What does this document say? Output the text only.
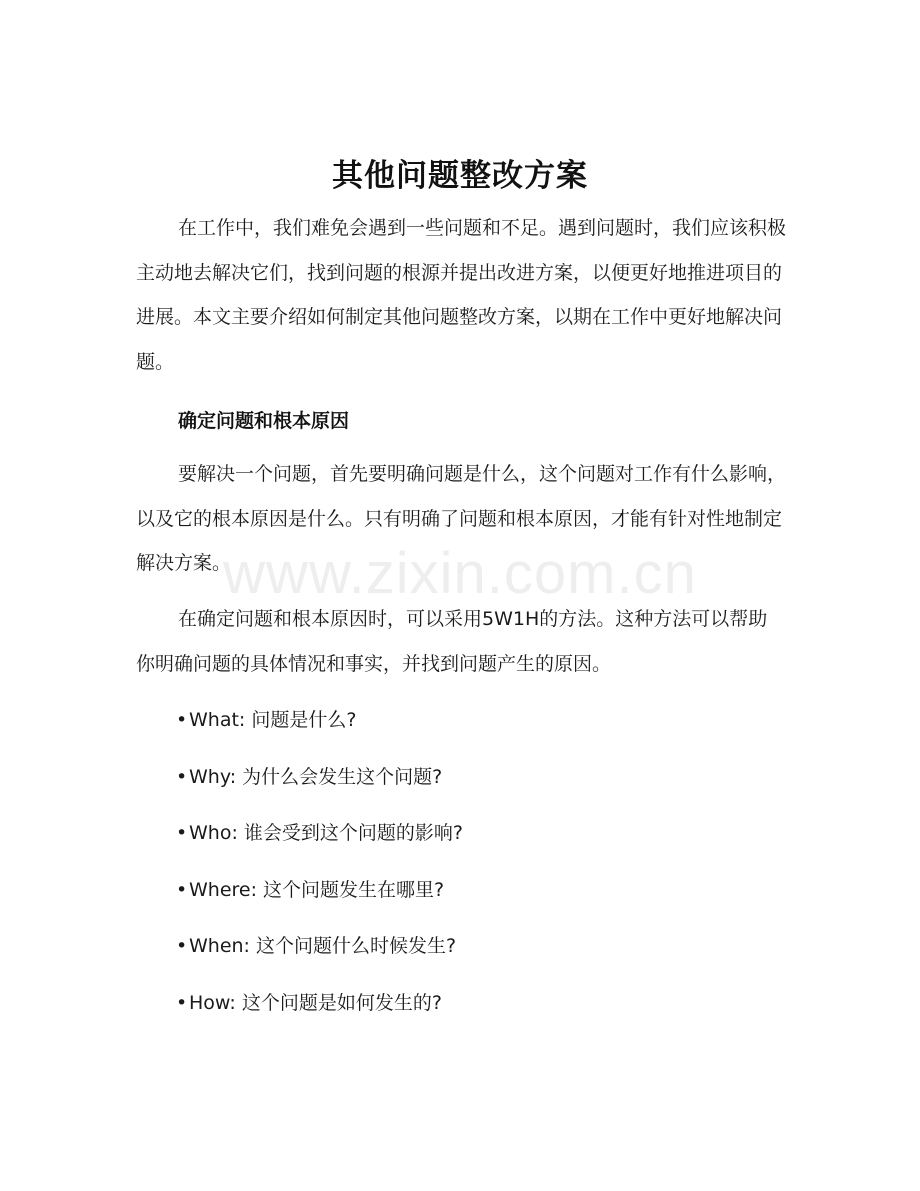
其他问题整改方案

在工作中，我们难免会遇到一些问题和不足。遇到问题时，我们应该积极主动地去解决它们，找到问题的根源并提出改进方案，以便更好地推进项目的进展。本文主要介绍如何制定其他问题整改方案，以期在工作中更好地解决问题。

确定问题和根本原因

要解决一个问题，首先要明确问题是什么，这个问题对工作有什么影响，以及它的根本原因是什么。只有明确了问题和根本原因，才能有针对性地制定解决方案。

在确定问题和根本原因时，可以采用5W1H的方法。这种方法可以帮助你明确问题的具体情况和事实，并找到问题产生的原因。

•What: 问题是什么?
•Why: 为什么会发生这个问题?
•Who: 谁会受到这个问题的影响?
•Where: 这个问题发生在哪里?
•When: 这个问题什么时候发生?
•How: 这个问题是如何发生的?
www.zixin.com.cn
